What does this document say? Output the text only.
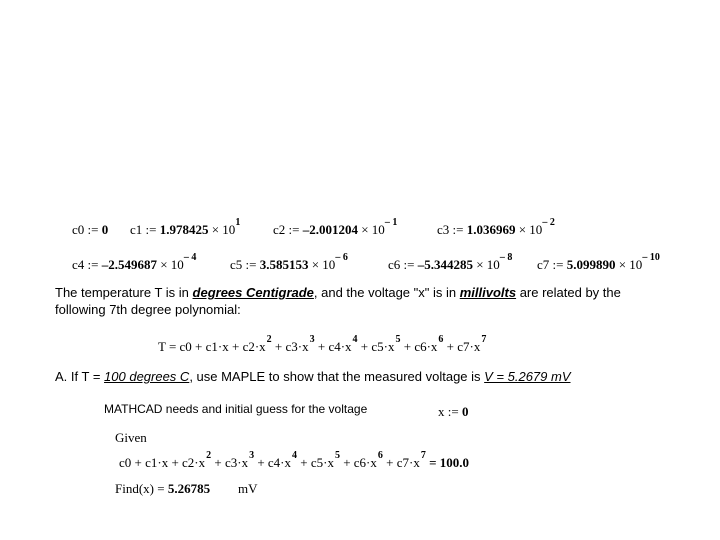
c0 := 0 c1 := $1.978425 \times 10^1$	c2 := $-2.001204 \times 10^{- 1}$	c3 := $1.036969 \times 10^{- 2}$
c4 := $-2.549687 \times 10^{- 4}$	c5 := $3.585153 \times 10^{- 6}$	c6 := $-5.344285 \times 10^{- 8}$ c7 := $5.099890 \times 10^{- 10}$
The temperature T is in degrees Centigrade, and the voltage "x" is in millivolts are related by the
following 7th degree polynomial:
$T = c0 + c1\cdot x + c2\cdot x^2 + c3\cdot x^3 + c4\cdot x^4 + c5\cdot x^5 + c6\cdot x^6 + c7\cdot x^7$
A. If T = 100 degrees C, use MAPLE to show that the measured voltage is V = 5.2679 mV
MATHCAD needs and initial guess for the voltage	x := 0
Given
$c0 + c1\cdot x + c2\cdot x^2 + c3\cdot x^3 + c4\cdot x^4 + c5\cdot x^5 + c6\cdot x^6 + c7\cdot x^7 = 100.0$
Find(x) = 5.26785 mV
